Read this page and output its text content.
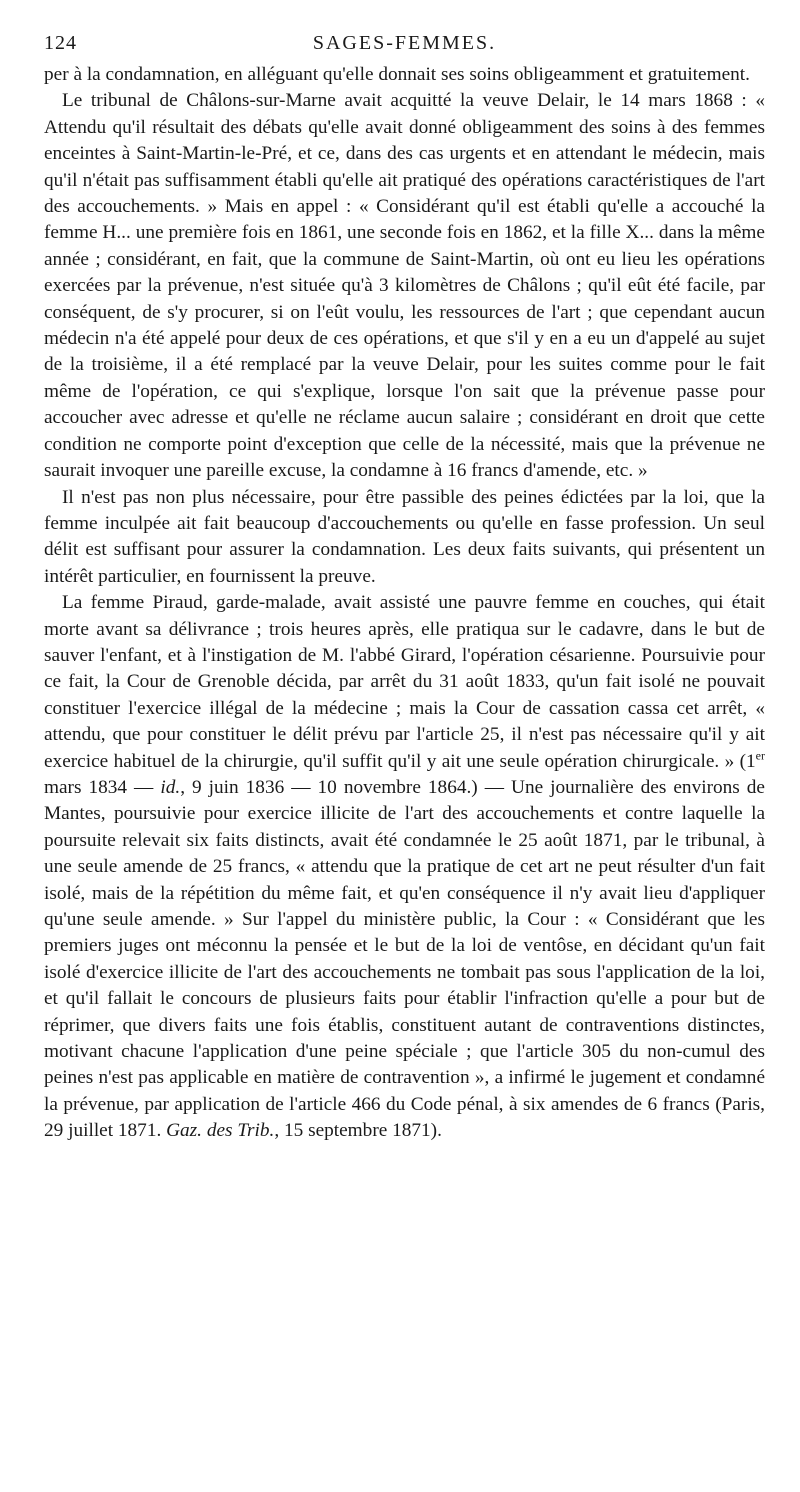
124	SAGES-FEMMES.

per à la condamnation, en alléguant qu'elle donnait ses soins obligeamment et gratuitement.

Le tribunal de Châlons-sur-Marne avait acquitté la veuve Delair, le 14 mars 1868 : « Attendu qu'il résultait des débats qu'elle avait donné obligeamment des soins à des femmes enceintes à Saint-Martin-le-Pré, et ce, dans des cas urgents et en attendant le médecin, mais qu'il n'était pas suffisamment établi qu'elle ait pratiqué des opérations caractéristiques de l'art des accouchements. » Mais en appel : « Considérant qu'il est établi qu'elle a accouché la femme H... une première fois en 1861, une seconde fois en 1862, et la fille X... dans la même année ; considérant, en fait, que la commune de Saint-Martin, où ont eu lieu les opérations exercées par la prévenue, n'est située qu'à 3 kilomètres de Châlons ; qu'il eût été facile, par conséquent, de s'y procurer, si on l'eût voulu, les ressources de l'art ; que cependant aucun médecin n'a été appelé pour deux de ces opérations, et que s'il y en a eu un d'appelé au sujet de la troisième, il a été remplacé par la veuve Delair, pour les suites comme pour le fait même de l'opération, ce qui s'explique, lorsque l'on sait que la prévenue passe pour accoucher avec adresse et qu'elle ne réclame aucun salaire ; considérant en droit que cette condition ne comporte point d'exception que celle de la nécessité, mais que la prévenue ne saurait invoquer une pareille excuse, la condamne à 16 francs d'amende, etc. »

Il n'est pas non plus nécessaire, pour être passible des peines édictées par la loi, que la femme inculpée ait fait beaucoup d'accouchements ou qu'elle en fasse profession. Un seul délit est suffisant pour assurer la condamnation. Les deux faits suivants, qui présentent un intérêt particulier, en fournissent la preuve.

La femme Piraud, garde-malade, avait assisté une pauvre femme en couches, qui était morte avant sa délivrance ; trois heures après, elle pratiqua sur le cadavre, dans le but de sauver l'enfant, et à l'instigation de M. l'abbé Girard, l'opération césarienne. Poursuivie pour ce fait, la Cour de Grenoble décida, par arrêt du 31 août 1833, qu'un fait isolé ne pouvait constituer l'exercice illégal de la médecine ; mais la Cour de cassation cassa cet arrêt, « attendu, que pour constituer le délit prévu par l'article 25, il n'est pas nécessaire qu'il y ait exercice habituel de la chirurgie, qu'il suffit qu'il y ait une seule opération chirurgicale. » (1er mars 1834 — id., 9 juin 1836 — 10 novembre 1864.) — Une journalière des environs de Mantes, poursuivie pour exercice illicite de l'art des accouchements et contre laquelle la poursuite relevait six faits distincts, avait été condamnée le 25 août 1871, par le tribunal, à une seule amende de 25 francs, « attendu que la pratique de cet art ne peut résulter d'un fait isolé, mais de la répétition du même fait, et qu'en conséquence il n'y avait lieu d'appliquer qu'une seule amende. » Sur l'appel du ministère public, la Cour : « Considérant que les premiers juges ont méconnu la pensée et le but de la loi de ventôse, en décidant qu'un fait isolé d'exercice illicite de l'art des accouchements ne tombait pas sous l'application de la loi, et qu'il fallait le concours de plusieurs faits pour établir l'infraction qu'elle a pour but de réprimer, que divers faits une fois établis, constituent autant de contraventions distinctes, motivant chacune l'application d'une peine spéciale ; que l'article 305 du non-cumul des peines n'est pas applicable en matière de contravention », a infirmé le jugement et condamné la prévenue, par application de l'article 466 du Code pénal, à six amendes de 6 francs (Paris, 29 juillet 1871. Gaz. des Trib., 15 septembre 1871).
